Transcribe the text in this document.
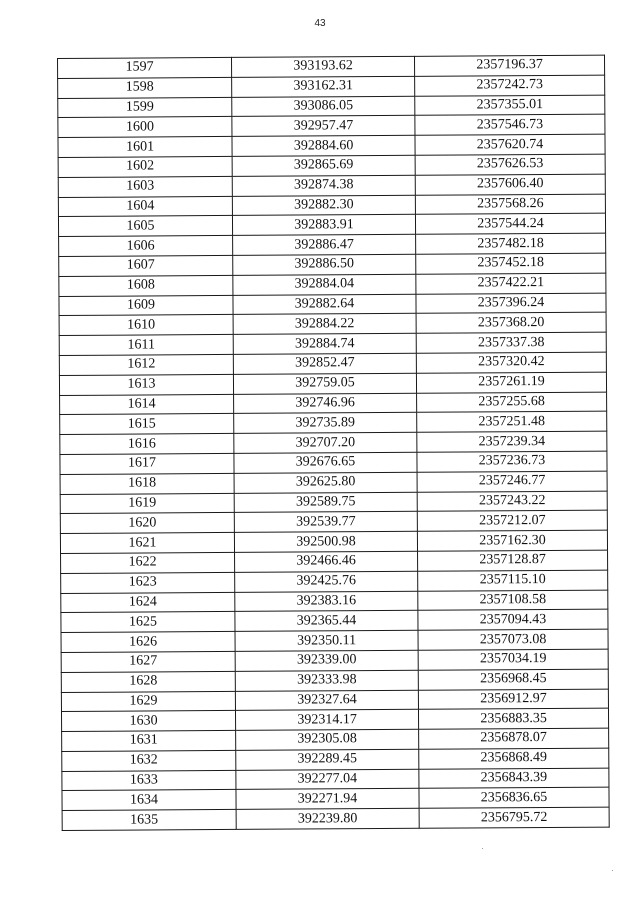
43
1597	393193.62	2357196.37
1598	393162.31	2357242.73
1599	393086.05	2357355.01
1600	392957.47	2357546.73
1601	392884.60	2357620.74
1602	392865.69	2357626.53
1603	392874.38	2357606.40
1604	392882.30	2357568.26
1605	392883.91	2357544.24
1606	392886.47	2357482.18
1607	392886.50	2357452.18
1608	392884.04	2357422.21
1609	392882.64	2357396.24
1610	392884.22	2357368.20
1611	392884.74	2357337.38
1612	392852.47	2357320.42
1613	392759.05	2357261.19
1614	392746.96	2357255.68
1615	392735.89	2357251.48
1616	392707.20	2357239.34
1617	392676.65	2357236.73
1618	392625.80	2357246.77
1619	392589.75	2357243.22
1620	392539.77	2357212.07
1621	392500.98	2357162.30
1622	392466.46	2357128.87
1623	392425.76	2357115.10
1624	392383.16	2357108.58
1625	392365.44	2357094.43
1626	392350.11	2357073.08
1627	392339.00	2357034.19
1628	392333.98	2356968.45
1629	392327.64	2356912.97
1630	392314.17	2356883.35
1631	392305.08	2356878.07
1632	392289.45	2356868.49
1633	392277.04	2356843.39
1634	392271.94	2356836.65
1635	392239.80	2356795.72
